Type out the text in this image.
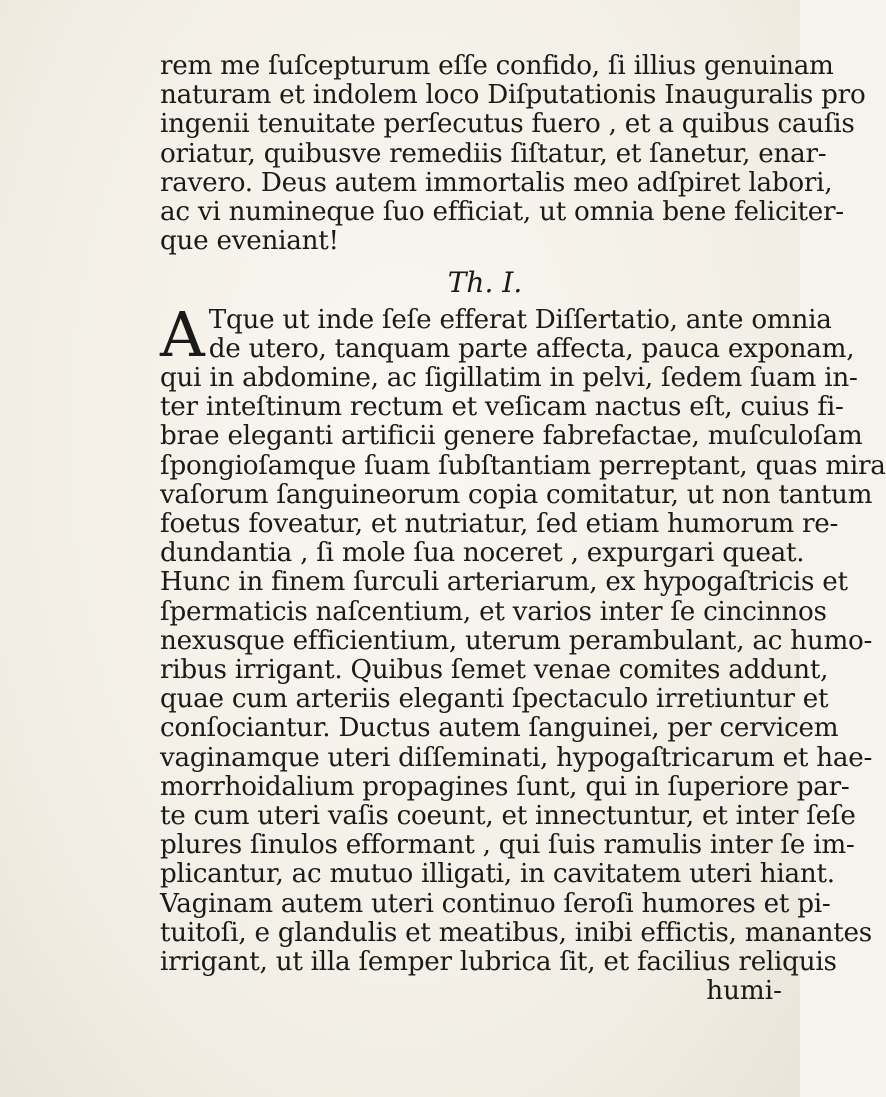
rem me ſuſcepturum eſſe confido, ſi illius genuinam
naturam et indolem loco Diſputationis Inauguralis pro
ingenii tenuitate perſecutus fuero , et a quibus cauſis
oriatur, quibusve remediis ſiſtatur, et ſanetur, enar-
ravero. Deus autem immortalis meo adſpiret labori,
ac vi numineque ſuo efficiat, ut omnia bene feliciter-
que eveniant!
Th. I.
A Tque ut inde ſeſe efferat Diſſertatio, ante omnia
de utero, tanquam parte affecta, pauca exponam,
qui in abdomine, ac ſigillatim in pelvi, ſedem ſuam in-
ter inteſtinum rectum et veſicam nactus eſt, cuius fi-
brae eleganti artificii genere fabrefactae, muſculoſam
ſpongioſamque ſuam ſubſtantiam perreptant, quas mira
vaſorum ſanguineorum copia comitatur, ut non tantum
foetus foveatur, et nutriatur, ſed etiam humorum re-
dundantia , ſi mole ſua noceret , expurgari queat.
Hunc in finem ſurculi arteriarum, ex hypogaſtricis et
ſpermaticis naſcentium, et varios inter ſe cincinnos
nexusque efficientium, uterum perambulant, ac humo-
ribus irrigant. Quibus ſemet venae comites addunt,
quae cum arteriis eleganti ſpectaculo irretiuntur et
conſociantur. Ductus autem ſanguinei, per cervicem
vaginamque uteri diſſeminati, hypogaſtricarum et hae-
morrhoidalium propagines ſunt, qui in ſuperiore par-
te cum uteri vaſis coeunt, et innectuntur, et inter ſeſe
plures ſinulos efformant , qui ſuis ramulis inter ſe im-
plicantur, ac mutuo illigati, in cavitatem uteri hiant.
Vaginam autem uteri continuo ſeroſi humores et pi-
tuitoſi, e glandulis et meatibus, inibi effictis, manantes
irrigant, ut illa ſemper lubrica ſit, et facilius reliquis
humi-
